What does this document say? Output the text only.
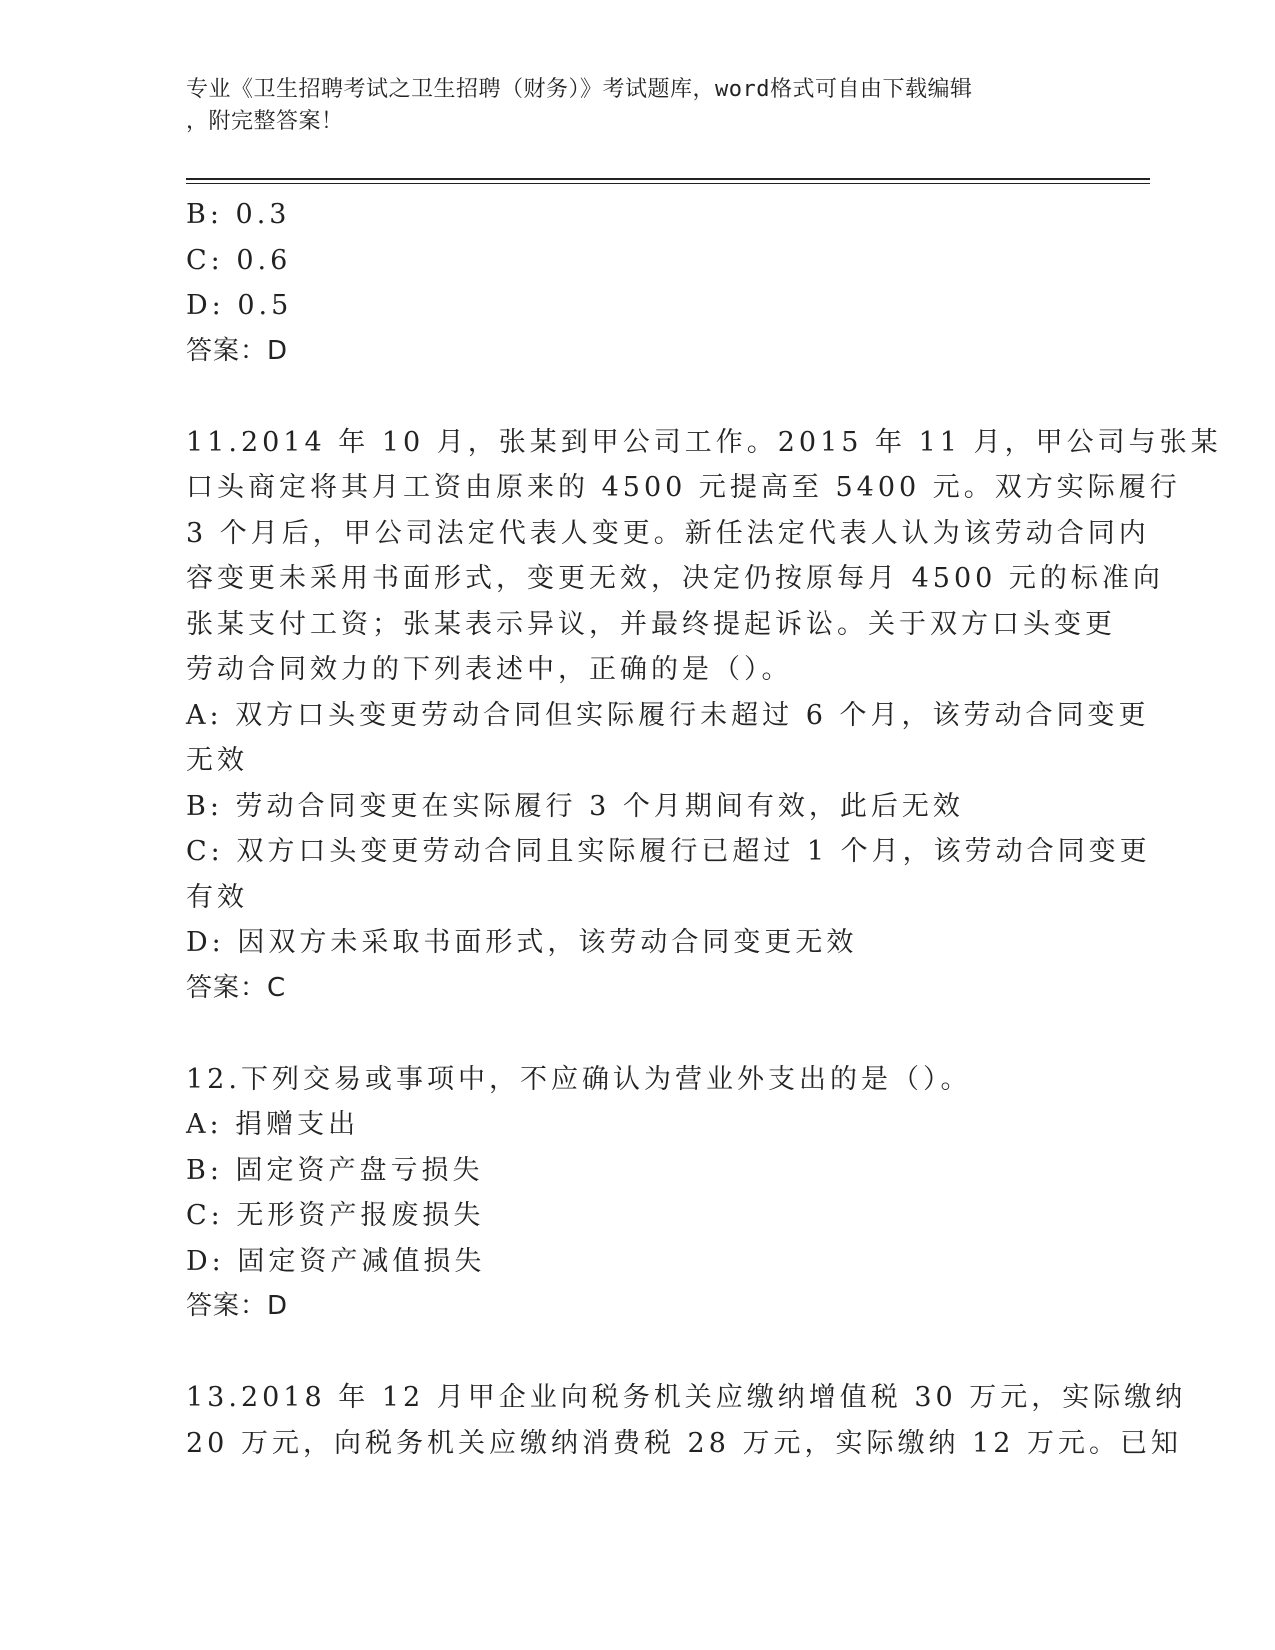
专业《卫生招聘考试之卫生招聘（财务）》考试题库，word格式可自由下载编辑
，附完整答案！
B: 0.3
C: 0.6
D: 0.5
答案：D
11.2014 年 10 月，张某到甲公司工作。2015 年 11 月，甲公司与张某
口头商定将其月工资由原来的 4500 元提高至 5400 元。双方实际履行
3 个月后，甲公司法定代表人变更。新任法定代表人认为该劳动合同内
容变更未采用书面形式，变更无效，决定仍按原每月 4500 元的标准向
张某支付工资；张某表示异议，并最终提起诉讼。关于双方口头变更
劳动合同效力的下列表述中，正确的是（）。
A: 双方口头变更劳动合同但实际履行未超过 6 个月，该劳动合同变更
无效
B: 劳动合同变更在实际履行 3 个月期间有效，此后无效
C: 双方口头变更劳动合同且实际履行已超过 1 个月，该劳动合同变更
有效
D: 因双方未采取书面形式，该劳动合同变更无效
答案：C
12.下列交易或事项中，不应确认为营业外支出的是（）。
A: 捐赠支出
B: 固定资产盘亏损失
C: 无形资产报废损失
D: 固定资产减值损失
答案：D
13.2018 年 12 月甲企业向税务机关应缴纳增值税 30 万元，实际缴纳
20 万元，向税务机关应缴纳消费税 28 万元，实际缴纳 12 万元。已知
